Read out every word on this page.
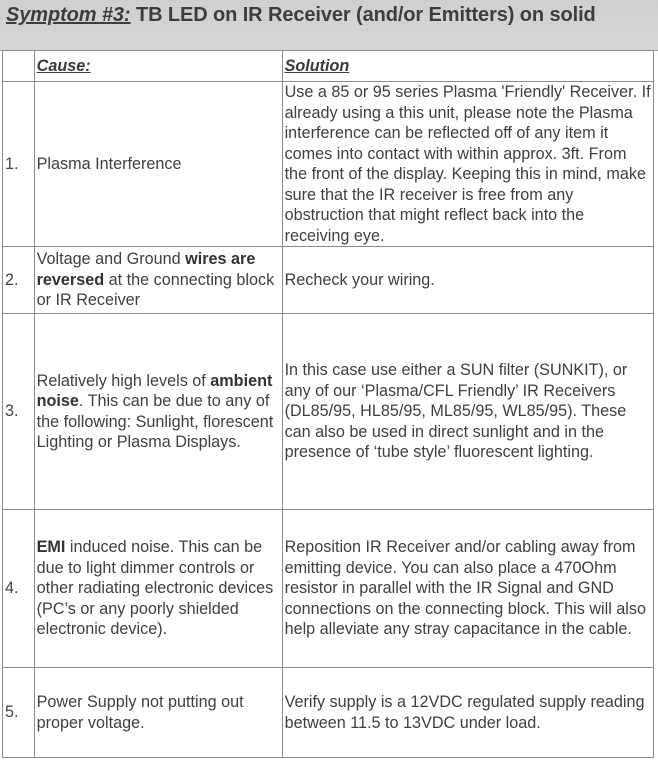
Symptom #3: TB LED on IR Receiver (and/or Emitters) on solid
	Cause:	Solution
1.	Plasma Interference	Use a 85 or 95 series Plasma 'Friendly' Receiver. If already using a this unit, please note the Plasma interference can be reflected off of any item it comes into contact with within approx. 3ft. From the front of the display. Keeping this in mind, make sure that the IR receiver is free from any obstruction that might reflect back into the receiving eye.
2.	Voltage and Ground wires are reversed at the connecting block or IR Receiver	Recheck your wiring.
3.	Relatively high levels of ambient noise. This can be due to any of the following: Sunlight, florescent Lighting or Plasma Displays.	In this case use either a SUN filter (SUNKIT), or any of our ‘Plasma/CFL Friendly’ IR Receivers (DL85/95, HL85/95, ML85/95, WL85/95). These can also be used in direct sunlight and in the presence of ‘tube style’ fluorescent lighting.
4.	EMI induced noise. This can be due to light dimmer controls or other radiating electronic devices (PC’s or any poorly shielded electronic device).	Reposition IR Receiver and/or cabling away from emitting device. You can also place a 470Ohm resistor in parallel with the IR Signal and GND connections on the connecting block. This will also help alleviate any stray capacitance in the cable.
5.	Power Supply not putting out proper voltage.	Verify supply is a 12VDC regulated supply reading between 11.5 to 13VDC under load.
